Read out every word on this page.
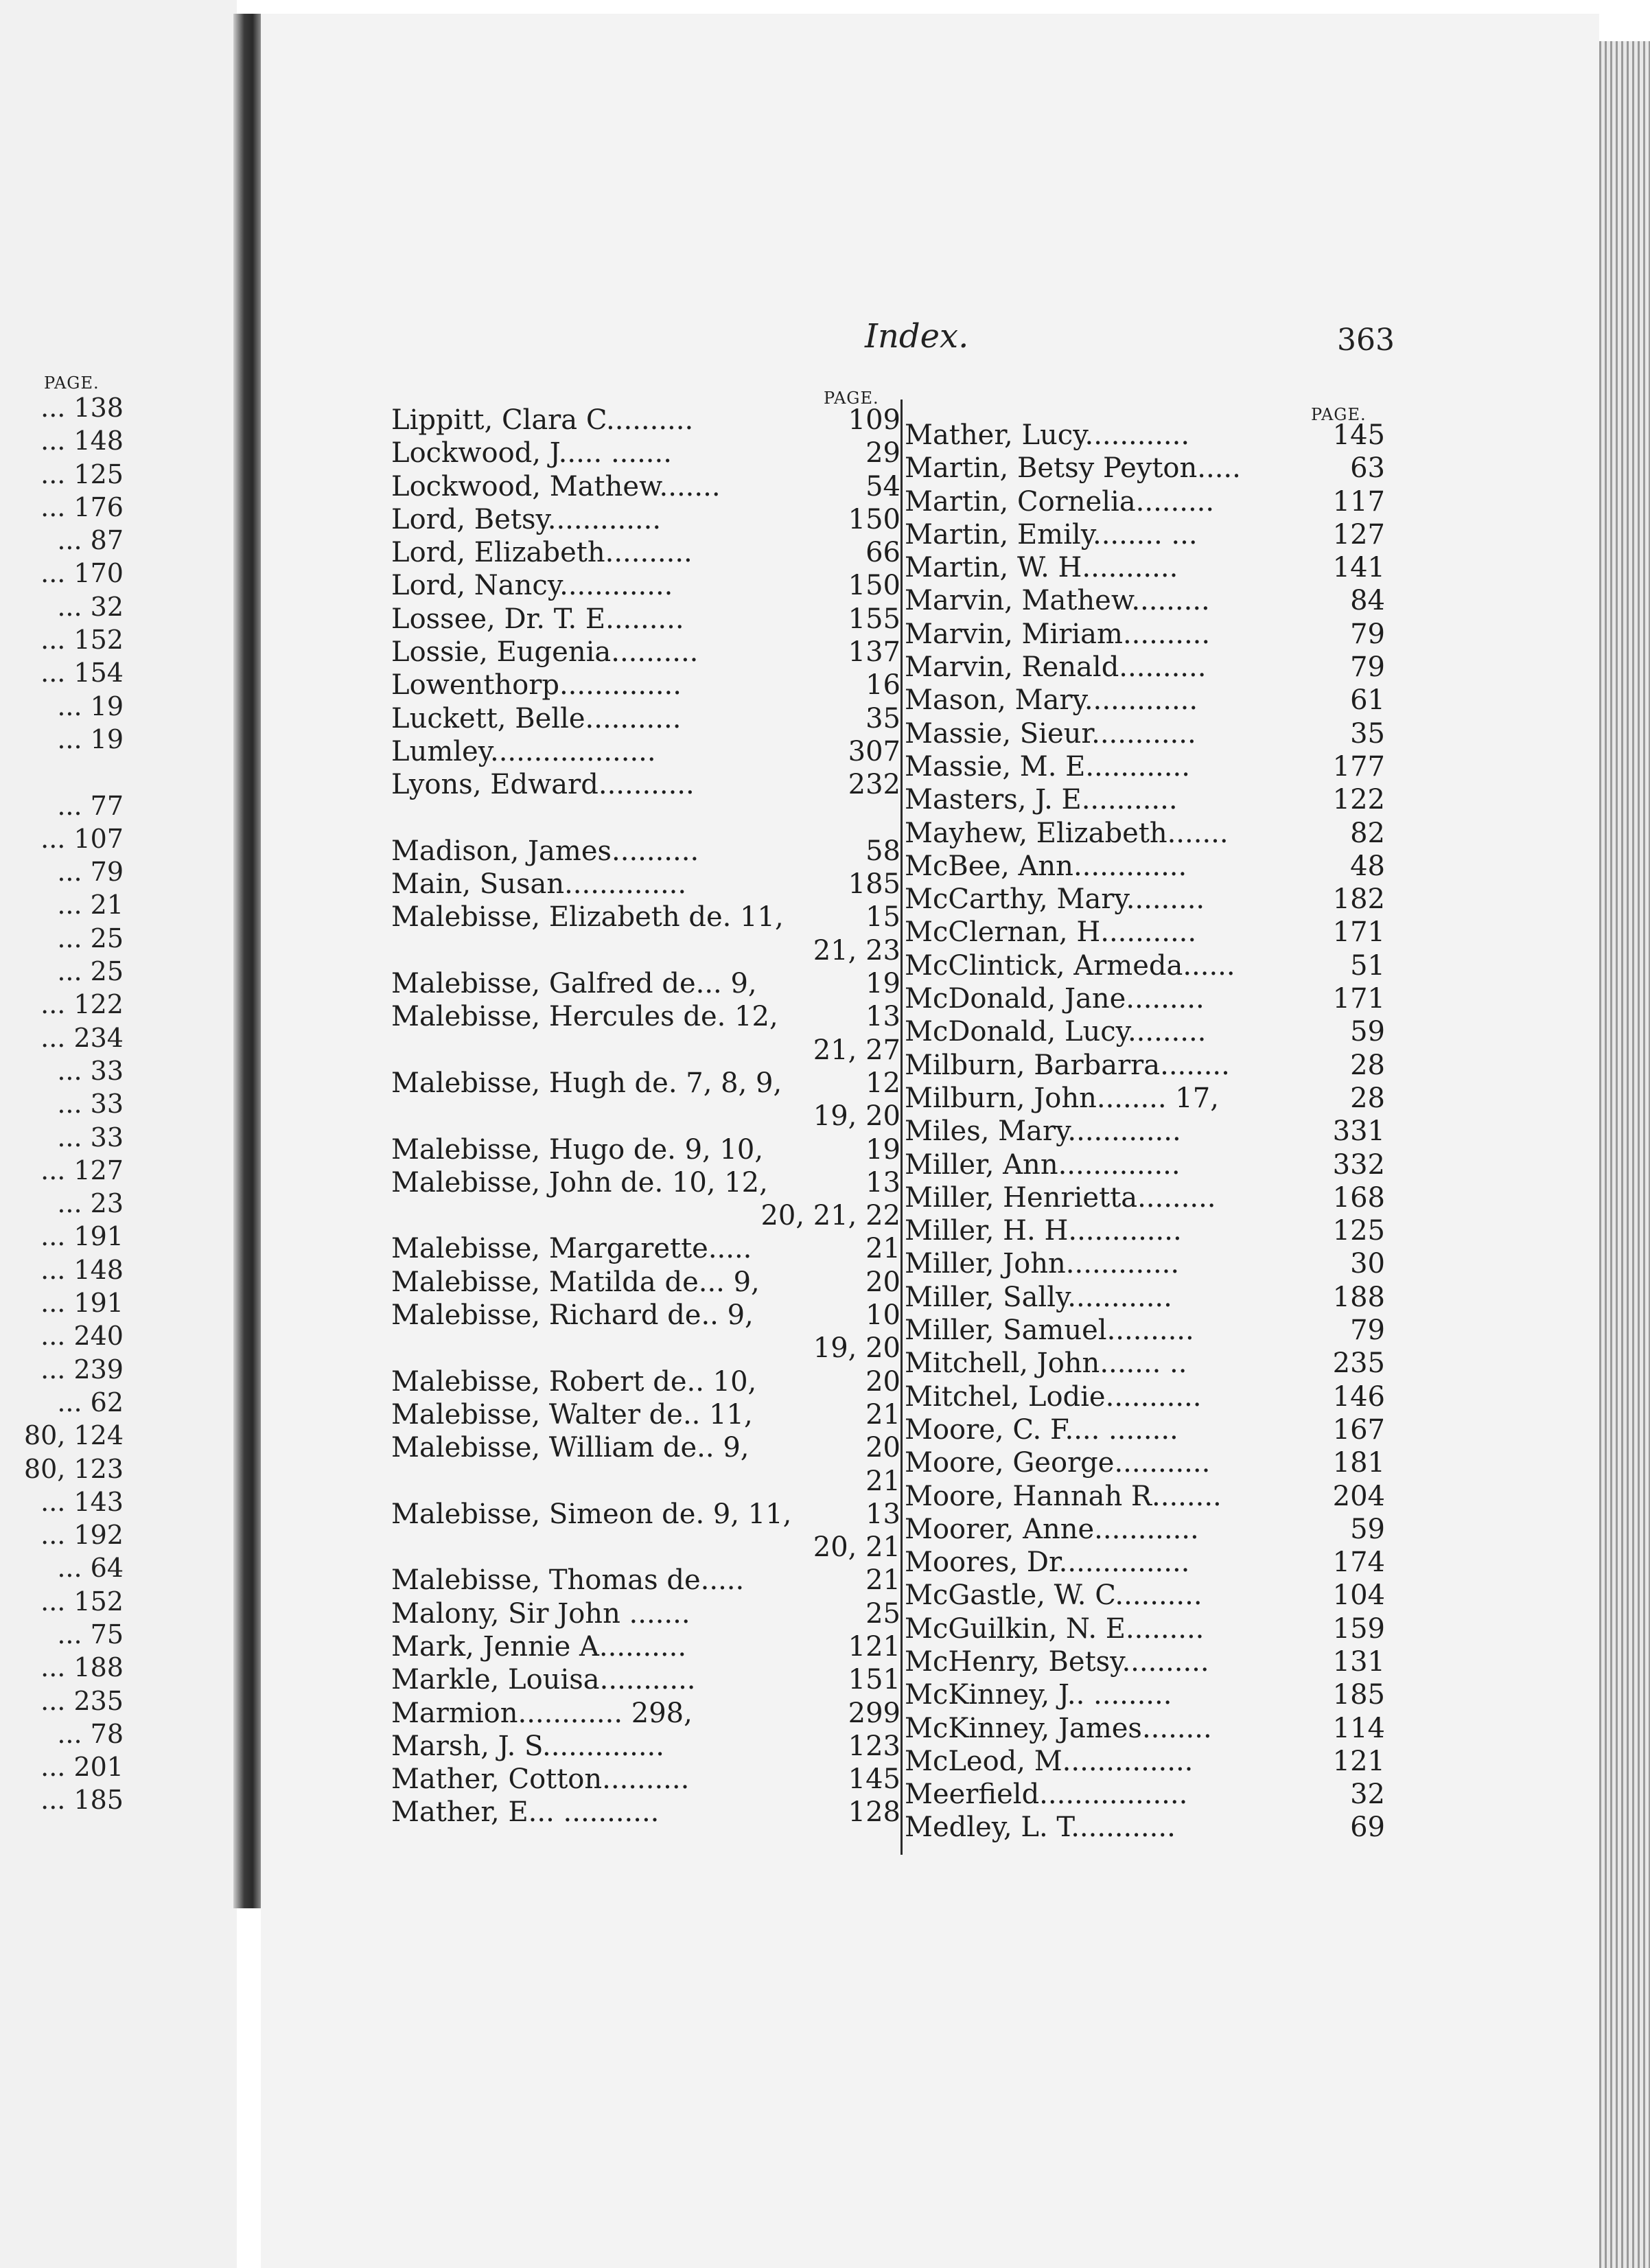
PAGE.
... 138
... 148
... 125
... 176
... 87
... 170
... 32
... 152
... 154
... 19
... 19
... 77
... 107
... 79
... 21
... 25
... 25
... 122
... 234
... 33
... 33
... 33
... 127
... 23
... 191
... 148
... 191
... 240
... 239
... 62
80, 124
80, 123
... 143
... 192
... 64
... 152
... 75
... 188
... 235
... 78
... 201
... 185
Index.	363
PAGE.
PAGE.
Lippitt, Clara C..........	109
Lockwood, J..... .......	29
Lockwood, Mathew.......	54
Lord, Betsy.............	150
Lord, Elizabeth..........	66
Lord, Nancy.............	150
Lossee, Dr. T. E.........	155
Lossie, Eugenia..........	137
Lowenthorp..............	16
Luckett, Belle...........	35
Lumley...................	307
Lyons, Edward...........	232
Madison, James..........	58
Main, Susan..............	185
Malebisse, Elizabeth de. 11,	15
21, 23
Malebisse, Galfred de... 9,	19
Malebisse, Hercules de. 12,	13
21, 27
Malebisse, Hugh de. 7, 8, 9,	12
19, 20
Malebisse, Hugo de. 9, 10,	19
Malebisse, John de. 10, 12,	13
20, 21, 22
Malebisse, Margarette.....	21
Malebisse, Matilda de... 9,	20
Malebisse, Richard de.. 9,	10
19, 20
Malebisse, Robert de.. 10,	20
Malebisse, Walter de.. 11,	21
Malebisse, William de.. 9,	20
21
Malebisse, Simeon de. 9, 11,	13
20, 21
Malebisse, Thomas de.....	21
Malony, Sir John .......	25
Mark, Jennie A..........	121
Markle, Louisa...........	151
Marmion............ 298,	299
Marsh, J. S..............	123
Mather, Cotton..........	145
Mather, E... ...........	128
Mather, Lucy............	145
Martin, Betsy Peyton.....	63
Martin, Cornelia.........	117
Martin, Emily........ ...	127
Martin, W. H...........	141
Marvin, Mathew.........	84
Marvin, Miriam..........	79
Marvin, Renald..........	79
Mason, Mary.............	61
Massie, Sieur............	35
Massie, M. E............	177
Masters, J. E...........	122
Mayhew, Elizabeth.......	82
McBee, Ann.............	48
McCarthy, Mary.........	182
McClernan, H...........	171
McClintick, Armeda......	51
McDonald, Jane.........	171
McDonald, Lucy.........	59
Milburn, Barbarra........	28
Milburn, John........ 17,	28
Miles, Mary.............	331
Miller, Ann..............	332
Miller, Henrietta.........	168
Miller, H. H.............	125
Miller, John.............	30
Miller, Sally............	188
Miller, Samuel..........	79
Mitchell, John....... ..	235
Mitchel, Lodie...........	146
Moore, C. F.... ........	167
Moore, George...........	181
Moore, Hannah R........	204
Moorer, Anne............	59
Moores, Dr...............	174
McGastle, W. C..........	104
McGuilkin, N. E.........	159
McHenry, Betsy..........	131
McKinney, J.. .........	185
McKinney, James........	114
McLeod, M...............	121
Meerfield.................	32
Medley, L. T............	69
